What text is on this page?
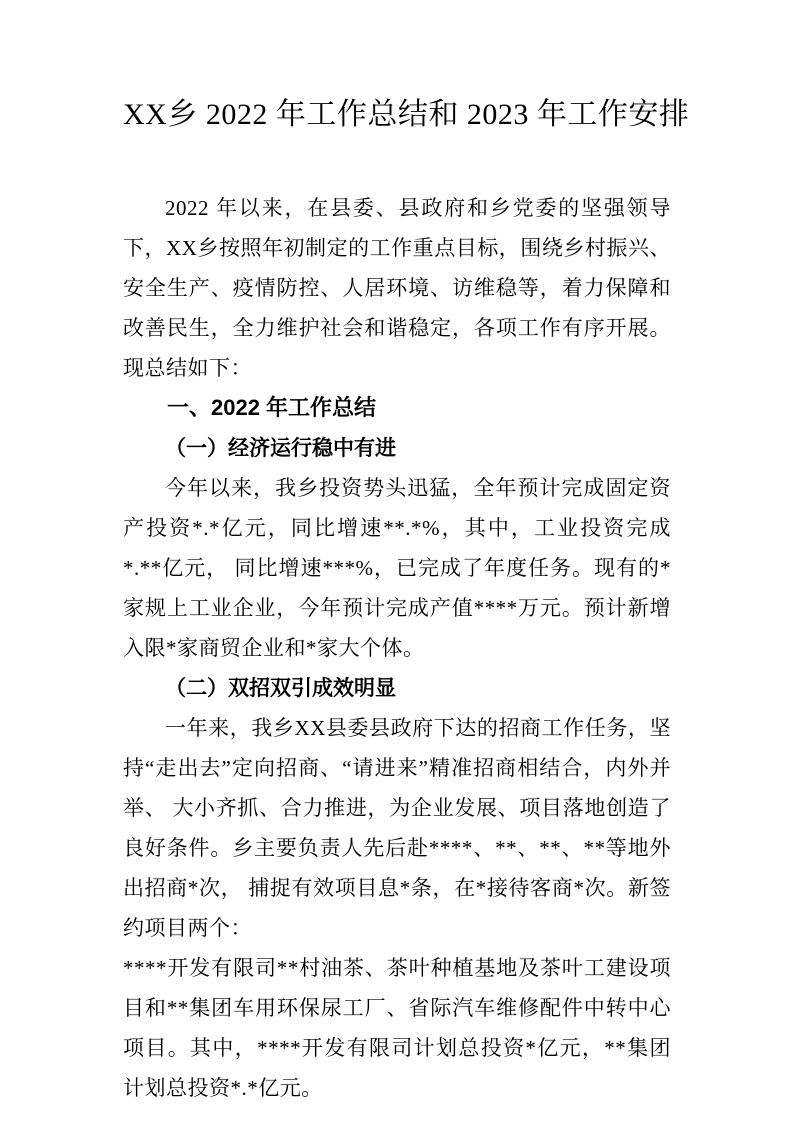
XX乡 2022 年工作总结和 2023 年工作安排

2022 年以来，在县委、县政府和乡党委的坚强领导下，XX乡按照年初制定的工作重点目标，围绕乡村振兴、安全生产、疫情防控、人居环境、访维稳等，着力保障和改善民生，全力维护社会和谐稳定，各项工作有序开展。现总结如下：

一、2022 年工作总结

（一）经济运行稳中有进

今年以来，我乡投资势头迅猛，全年预计完成固定资产投资*.*亿元，同比增速**.*%，其中，工业投资完成*.**亿元， 同比增速***%，已完成了年度任务。现有的*家规上工业企业，今年预计完成产值****万元。预计新增入限*家商贸企业和*家大个体。

（二）双招双引成效明显

一年来，我乡XX县委县政府下达的招商工作任务，坚持“走出去”定向招商、“请进来”精准招商相结合，内外并举、 大小齐抓、合力推进，为企业发展、项目落地创造了良好条件。乡主要负责人先后赴****、**、**、**等地外出招商*次， 捕捉有效项目息*条，在*接待客商*次。新签约项目两个：

****开发有限司**村油茶、茶叶种植基地及茶叶工建设项目和**集团车用环保尿工厂、省际汽车维修配件中转中心项目。其中，****开发有限司计划总投资*亿元，**集团计划总投资*.*亿元。
